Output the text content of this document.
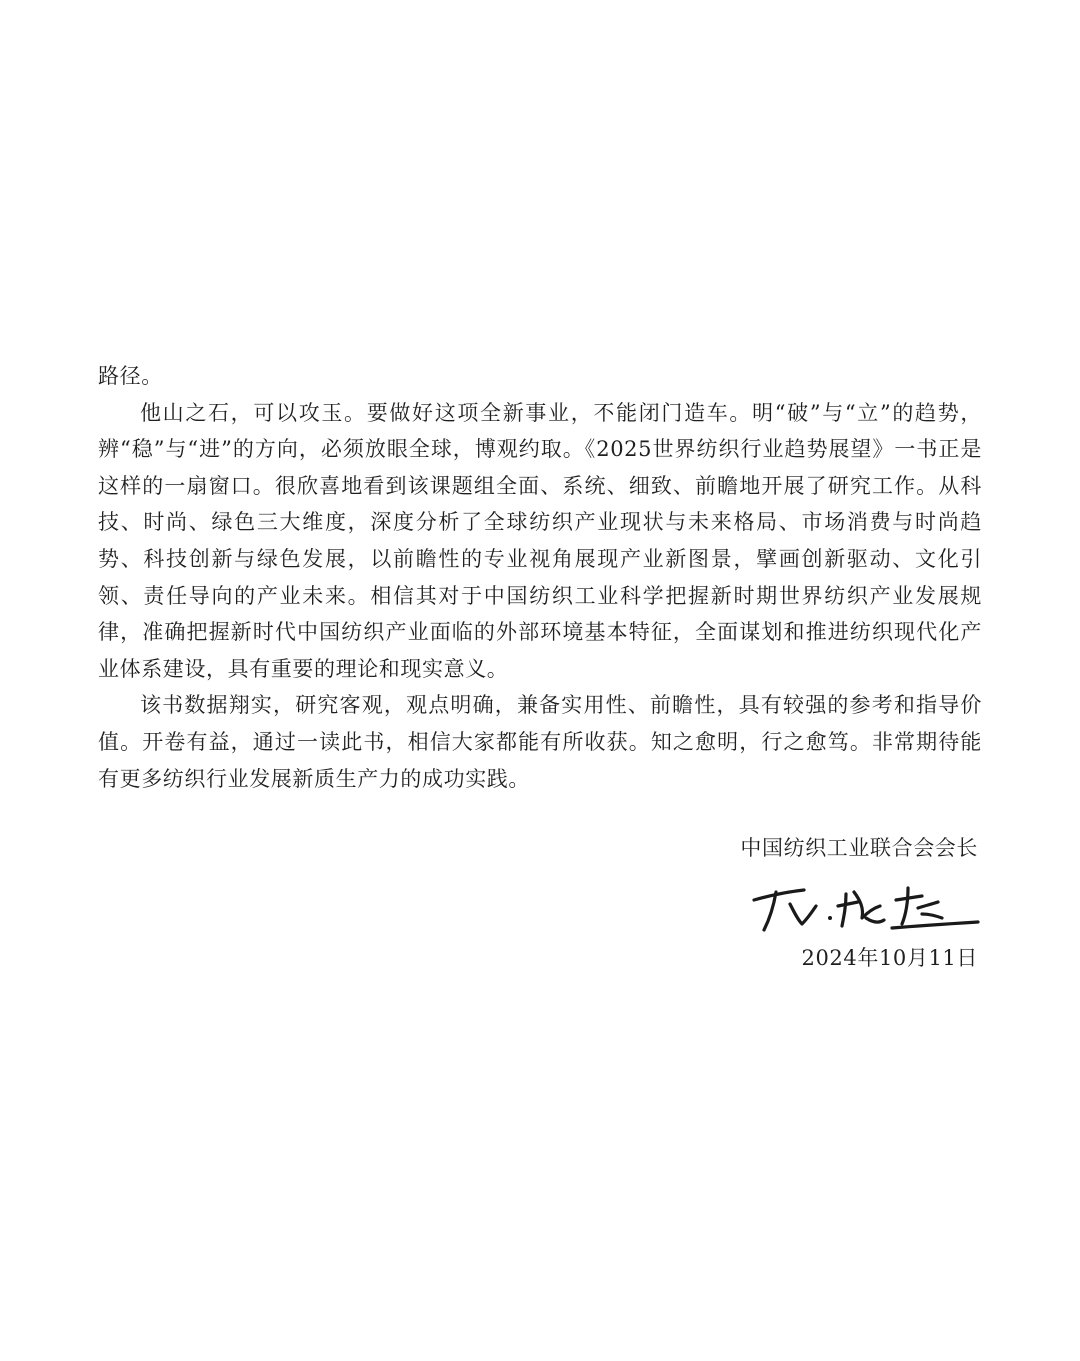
路径。

他山之石，可以攻玉。要做好这项全新事业，不能闭门造车。明“破”与“立”的趋势，辨“稳”与“进”的方向，必须放眼全球，博观约取。《2025世界纺织行业趋势展望》一书正是这样的一扇窗口。很欣喜地看到该课题组全面、系统、细致、前瞻地开展了研究工作。从科技、时尚、绿色三大维度，深度分析了全球纺织产业现状与未来格局、市场消费与时尚趋势、科技创新与绿色发展，以前瞻性的专业视角展现产业新图景，擘画创新驱动、文化引领、责任导向的产业未来。相信其对于中国纺织工业科学把握新时期世界纺织产业发展规律，准确把握新时代中国纺织产业面临的外部环境基本特征，全面谋划和推进纺织现代化产业体系建设，具有重要的理论和现实意义。

该书数据翔实，研究客观，观点明确，兼备实用性、前瞻性，具有较强的参考和指导价值。开卷有益，通过一读此书，相信大家都能有所收获。知之愈明，行之愈笃。非常期待能有更多纺织行业发展新质生产力的成功实践。

中国纺织工业联合会会长
2024年10月11日
